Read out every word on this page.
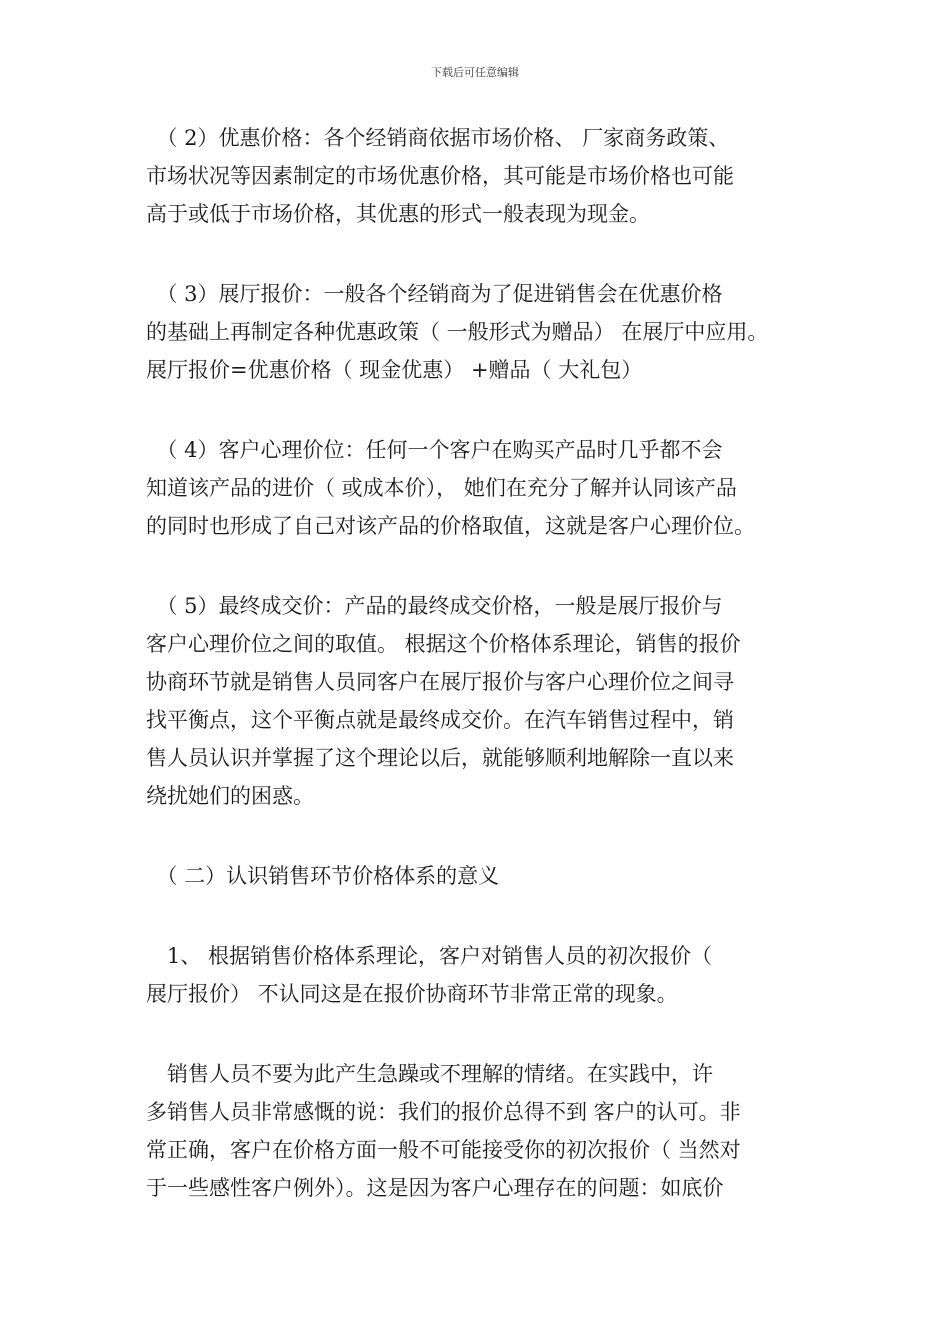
下载后可任意编辑

　（ 2）优惠价格：各个经销商依据市场价格、 厂家商务政策、
市场状况等因素制定的市场优惠价格，其可能是市场价格也可能
高于或低于市场价格，其优惠的形式一般表现为现金。

　（ 3）展厅报价：一般各个经销商为了促进销售会在优惠价格
的基础上再制定各种优惠政策（ 一般形式为赠品） 在展厅中应用。
展厅报价=优惠价格（ 现金优惠） +赠品（ 大礼包）

　（ 4）客户心理价位：任何一个客户在购买产品时几乎都不会
知道该产品的进价（ 或成本价）， 她们在充分了解并认同该产品
的同时也形成了自己对该产品的价格取值，这就是客户心理价位。

　（ 5）最终成交价：产品的最终成交价格，一般是展厅报价与
客户心理价位之间的取值。 根据这个价格体系理论，销售的报价
协商环节就是销售人员同客户在展厅报价与客户心理价位之间寻
找平衡点，这个平衡点就是最终成交价。在汽车销售过程中，销
售人员认识并掌握了这个理论以后，就能够顺利地解除一直以来
绕扰她们的困惑。

　（ 二）认识销售环节价格体系的意义

　1、 根据销售价格体系理论，客户对销售人员的初次报价（
展厅报价） 不认同这是在报价协商环节非常正常的现象。

　销售人员不要为此产生急躁或不理解的情绪。在实践中，许
多销售人员非常感慨的说：我们的报价总得不到 客户的认可。非
常正确，客户在价格方面一般不可能接受你的初次报价（ 当然对
于一些感性客户例外）。这是因为客户心理存在的问题：如底价
